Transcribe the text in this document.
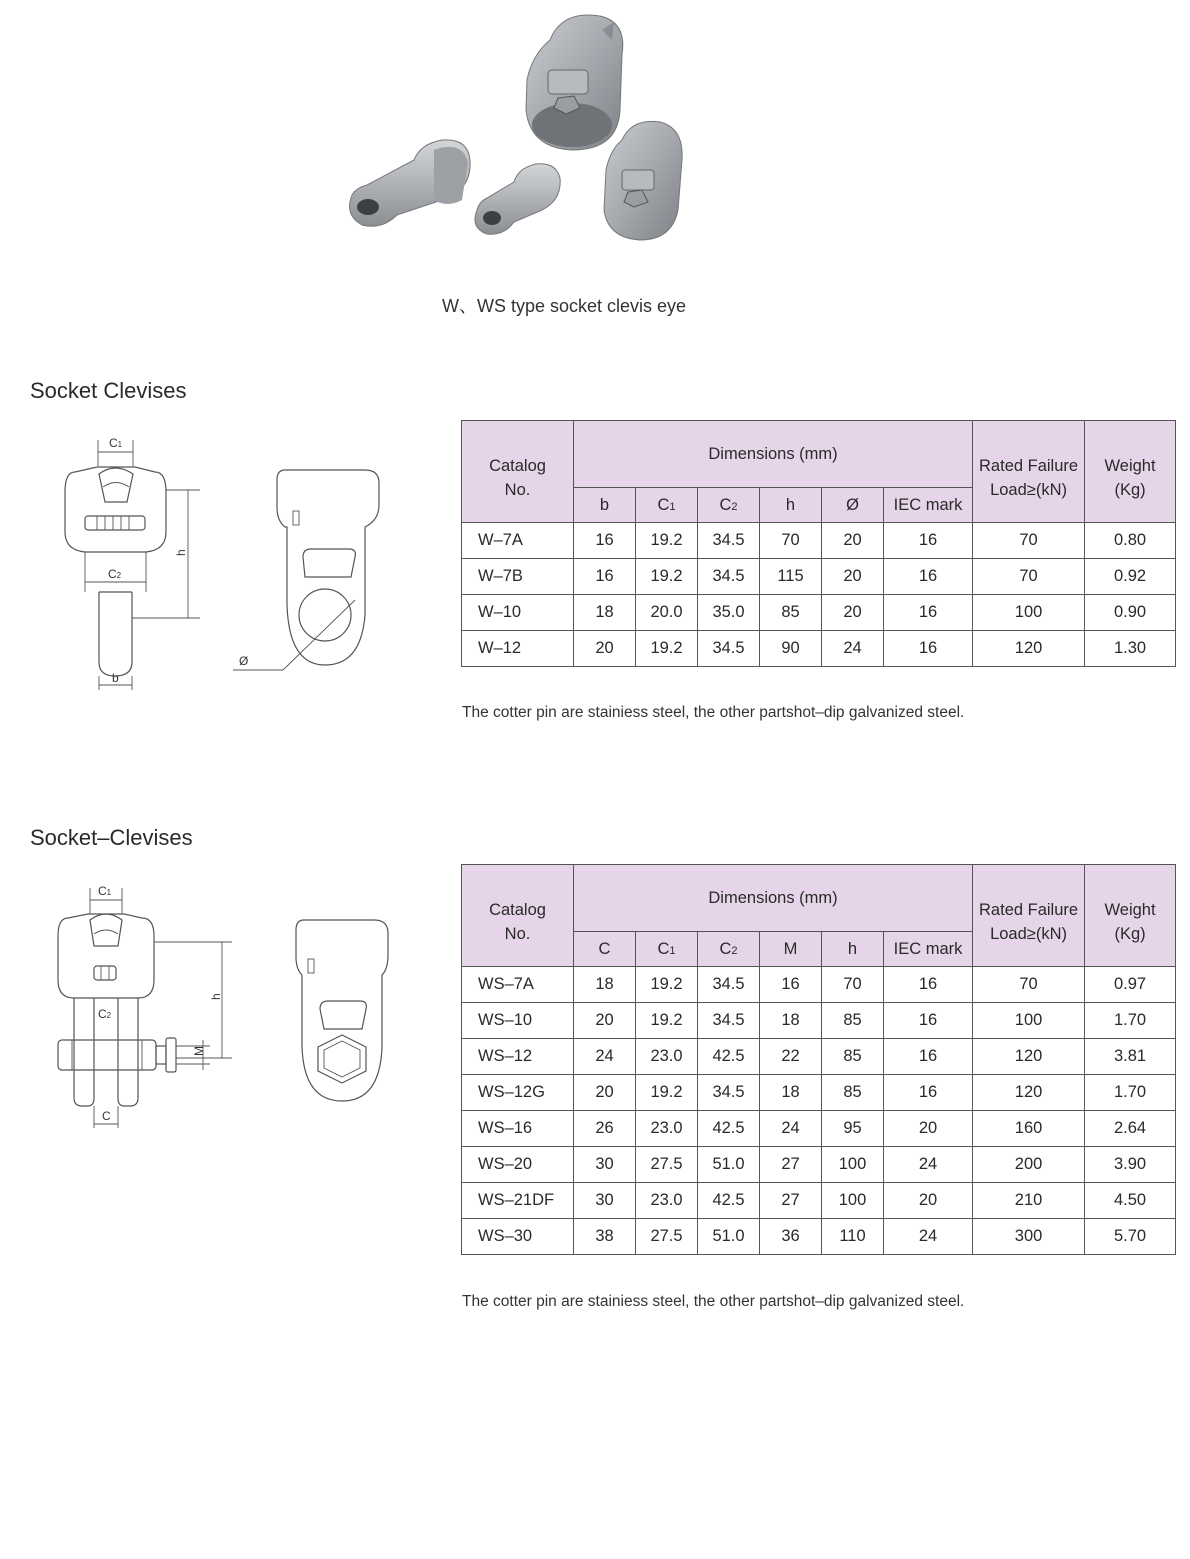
W、WS type socket clevis eye
Socket Clevises
C1
C2
h
b
Ø
Catalog
No.	Dimensions (mm)						Rated Failure
Load≥(kN)	Weight
(Kg)
	b	C1	C2	h	Ø	IEC mark		
W–7A	16	19.2	34.5	70	20	16	70	0.80
W–7B	16	19.2	34.5	115	20	16	70	0.92
W–10	18	20.0	35.0	85	20	16	100	0.90
W–12	20	19.2	34.5	90	24	16	120	1.30
The cotter pin are stainiess steel, the other partshot–dip galvanized steel.
Socket–Clevises
C1
C2
M
h
C
Catalog
No.	Dimensions (mm)						Rated Failure
Load≥(kN)	Weight
(Kg)
	C	C1	C2	M	h	IEC mark		
WS–7A	18	19.2	34.5	16	70	16	70	0.97
WS–10	20	19.2	34.5	18	85	16	100	1.70
WS–12	24	23.0	42.5	22	85	16	120	3.81
WS–12G	20	19.2	34.5	18	85	16	120	1.70
WS–16	26	23.0	42.5	24	95	20	160	2.64
WS–20	30	27.5	51.0	27	100	24	200	3.90
WS–21DF	30	23.0	42.5	27	100	20	210	4.50
WS–30	38	27.5	51.0	36	110	24	300	5.70
The cotter pin are stainiess steel, the other partshot–dip galvanized steel.
